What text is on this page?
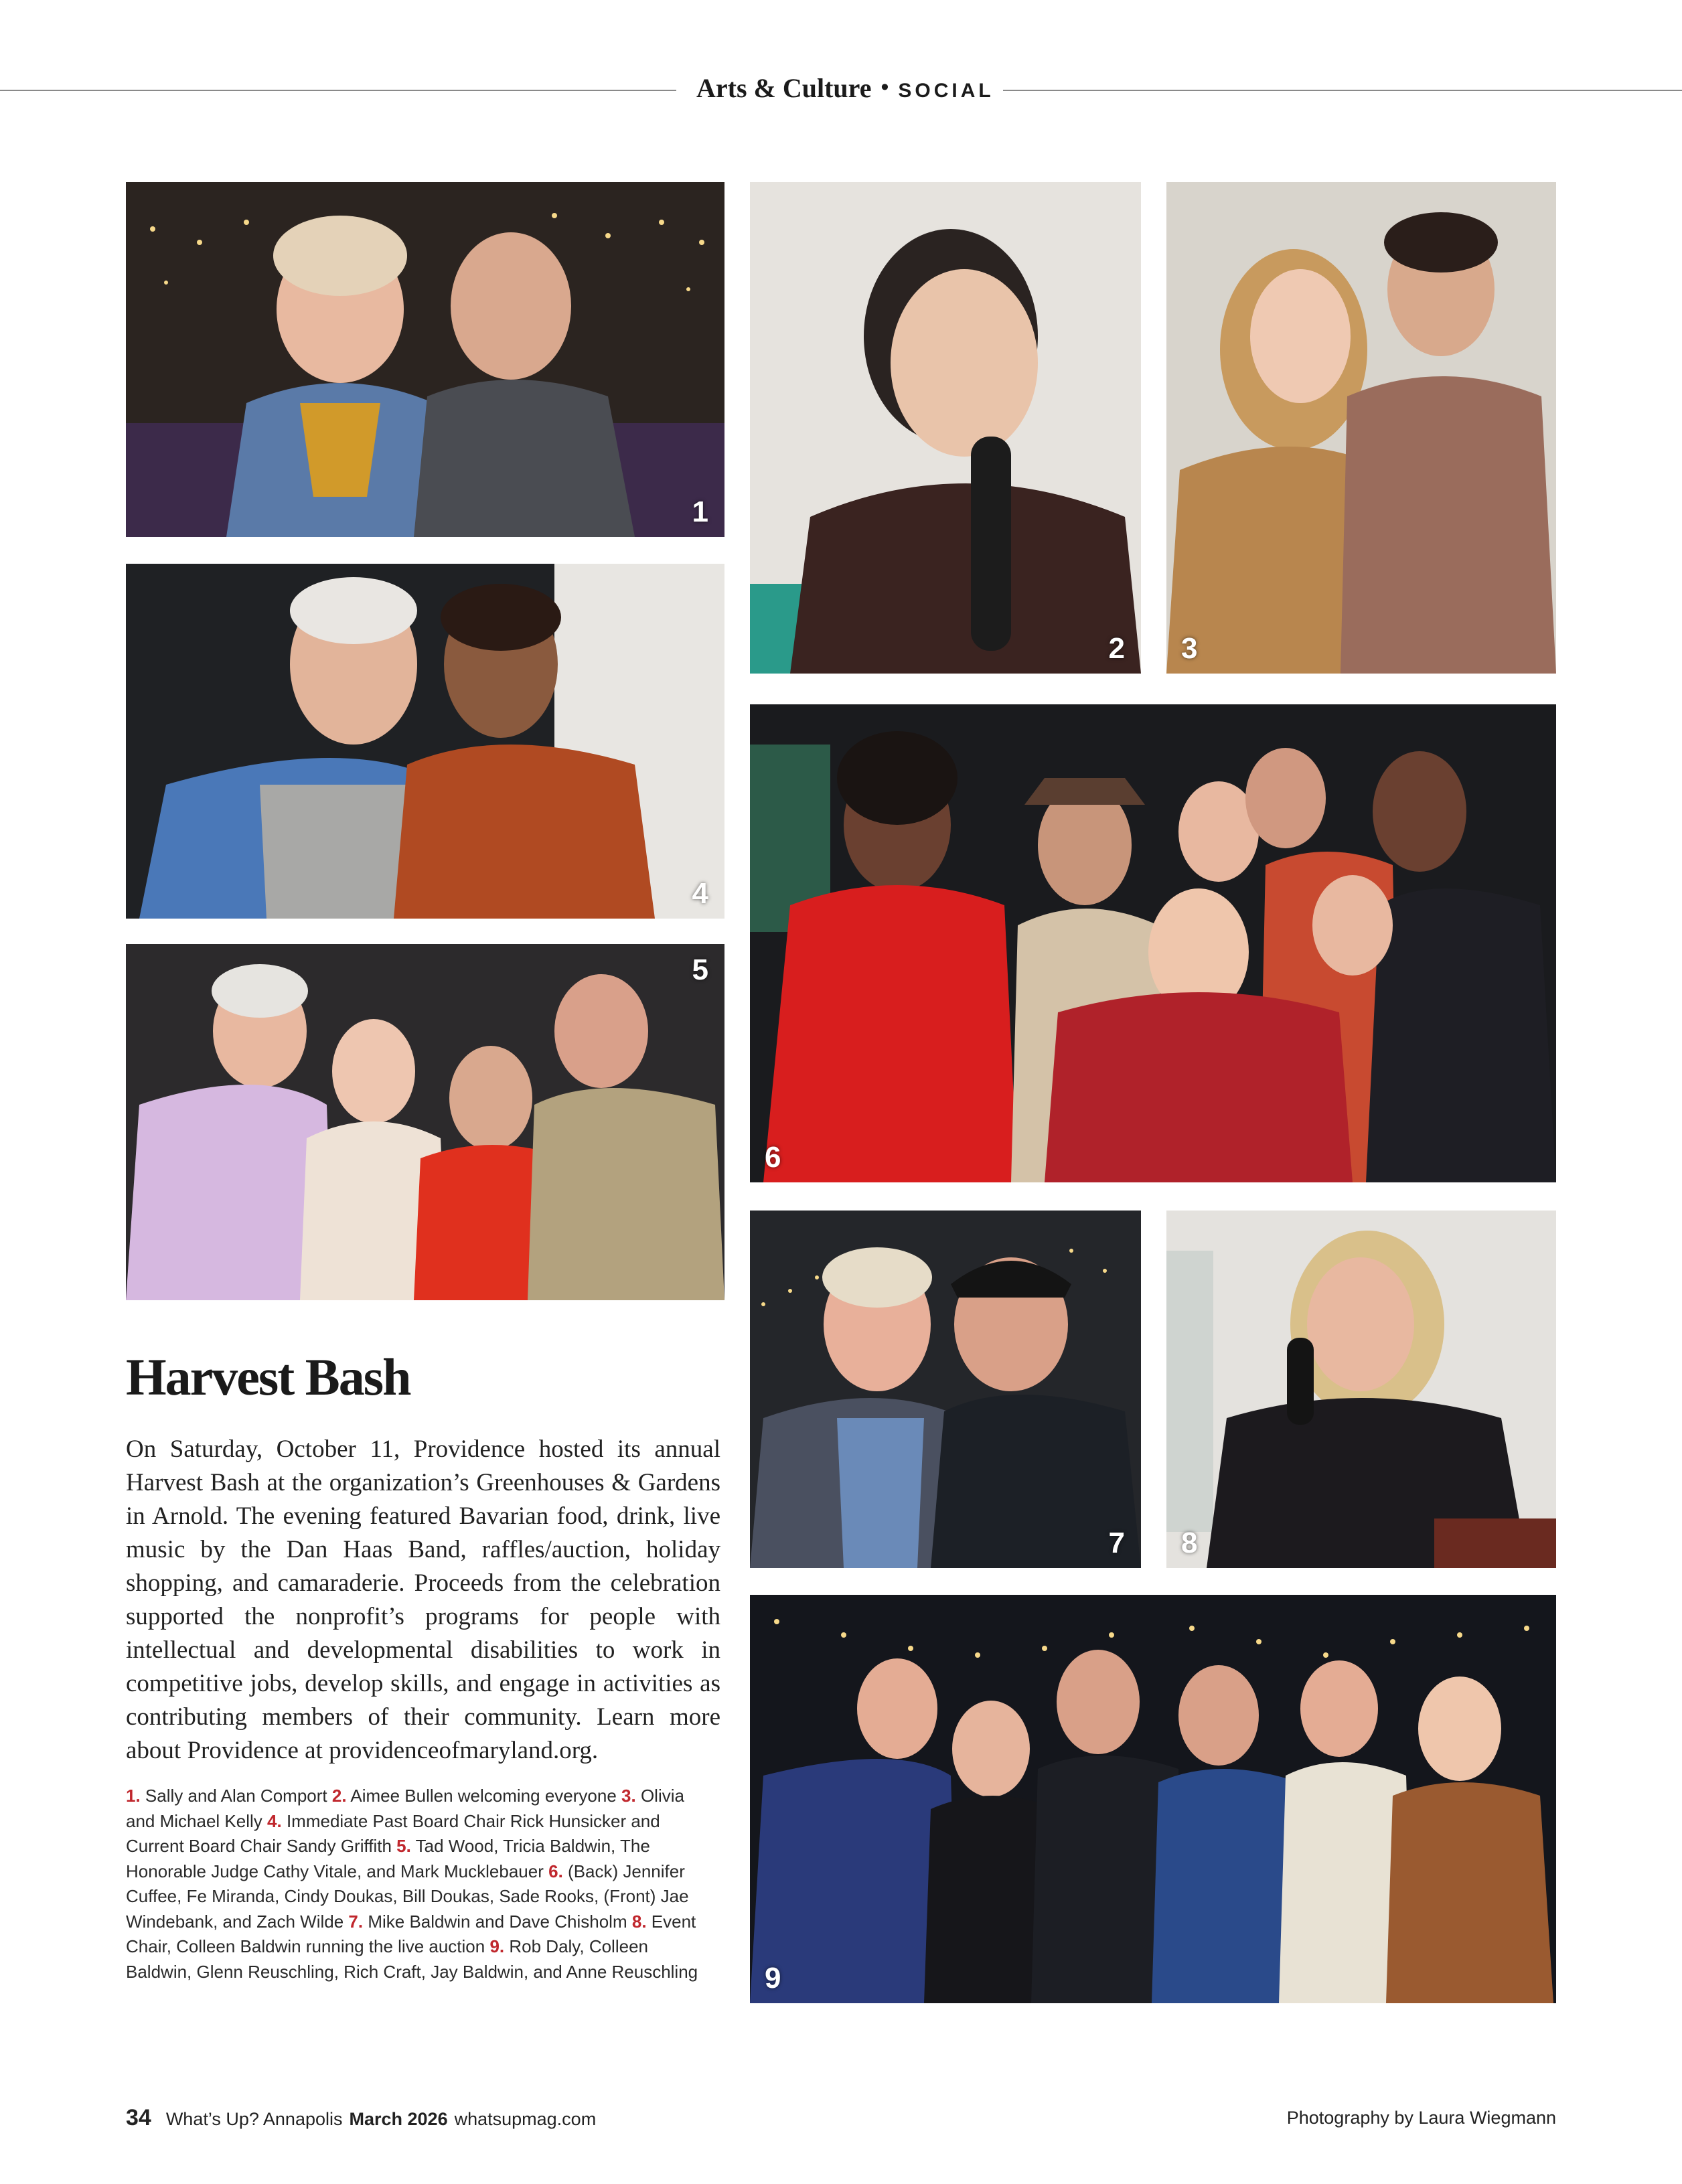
Arts & Culture • SOCIAL
1
2 3
4
5
6
7 8
9
Harvest Bash

On Saturday, October 11, Providence hosted its annual Harvest Bash at the organization’s Greenhouses & Gardens in Arnold. The evening featured Bavarian food, drink, live music by the Dan Haas Band, raffles/auction, holiday shopping, and camaraderie. Proceeds from the celebration supported the nonprofit’s programs for people with intellectual and developmental disabilities to work in competitive jobs, develop skills, and engage in activities as contributing members of their community. Learn more about Providence at providenceofmaryland.org.

1. Sally and Alan Comport 2. Aimee Bullen welcoming everyone 3. Olivia and Michael Kelly 4. Immediate Past Board Chair Rick Hunsicker and Current Board Chair Sandy Griffith 5. Tad Wood, Tricia Baldwin, The Honorable Judge Cathy Vitale, and Mark Mucklebauer 6. (Back) Jennifer Cuffee, Fe Miranda, Cindy Doukas, Bill Doukas, Sade Rooks, (Front) Jae Windebank, and Zach Wilde 7. Mike Baldwin and Dave Chisholm 8. Event Chair, Colleen Baldwin running the live auction 9. Rob Daly, Colleen Baldwin, Glenn Reuschling, Rich Craft, Jay Baldwin, and Anne Reuschling

34 What’s Up? Annapolis March 2026 whatsupmag.com	Photography by Laura Wiegmann
